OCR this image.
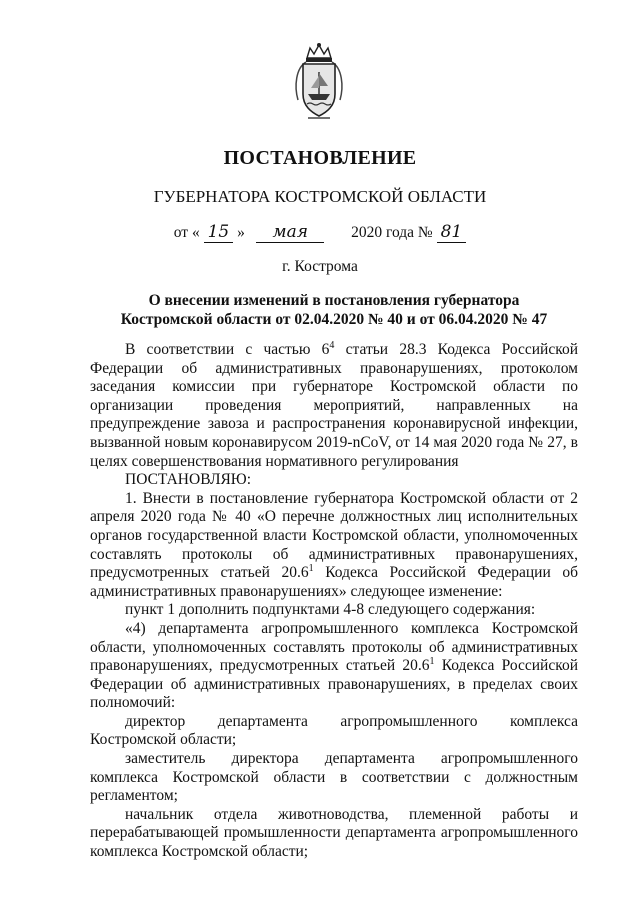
ПОСТАНОВЛЕНИЕ
ГУБЕРНАТОРА КОСТРОМСКОЙ ОБЛАСТИ
от « 15 » мая	2020 года № 81
г. Кострома
О внесении изменений в постановления губернатора
Костромской области от 02.04.2020 № 40 и от 06.04.2020 № 47

В соответствии с частью $6^4$ статьи 28.3 Кодекса Российской Федерации об административных правонарушениях, протоколом заседания комиссии при губернаторе Костромской области по организации проведения мероприятий, направленных на предупреждение завоза и распространения коронавирусной инфекции, вызванной новым коронавирусом 2019-nCoV, от 14 мая 2020 года № 27, в целях совершенствования нормативного регулирования

ПОСТАНОВЛЯЮ:

1. Внести в постановление губернатора Костромской области от 2 апреля 2020 года № 40 «О перечне должностных лиц исполнительных органов государственной власти Костромской области, уполномоченных составлять протоколы об административных правонарушениях, предусмотренных статьей 20.6$^1$ Кодекса Российской Федерации об административных правонарушениях» следующее изменение:

пункт 1 дополнить подпунктами 4-8 следующего содержания:

«4) департамента агропромышленного комплекса Костромской области, уполномоченных составлять протоколы об административных правонарушениях, предусмотренных статьей 20.6$^1$ Кодекса Российской Федерации об административных правонарушениях, в пределах своих полномочий:

директор департамента агропромышленного комплекса Костромской области;

заместитель директора департамента агропромышленного комплекса Костромской области в соответствии с должностным регламентом;

начальник отдела животноводства, племенной работы и перерабатывающей промышленности департамента агропромышленного комплекса Костромской области;
